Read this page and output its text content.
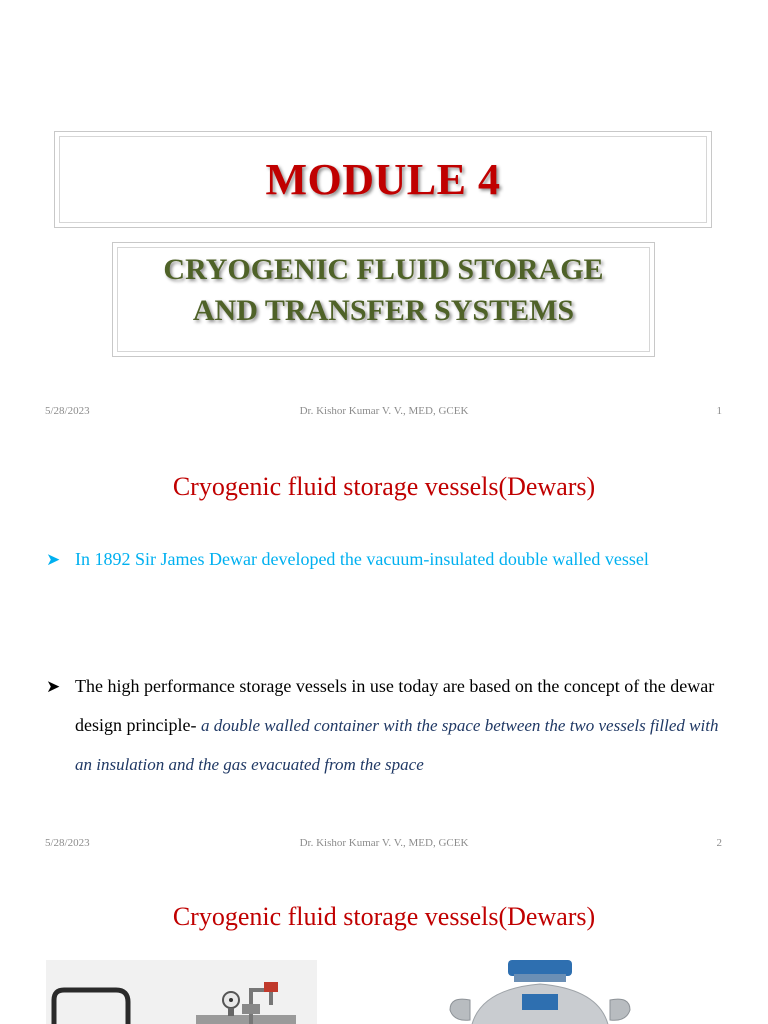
MODULE 4
CRYOGENIC FLUID STORAGE
AND TRANSFER SYSTEMS
5/28/2023	Dr. Kishor Kumar V. V., MED, GCEK	1
Cryogenic fluid storage vessels(Dewars)
➤ In 1892 Sir James Dewar developed the vacuum-insulated double walled vessel
➤ The high performance storage vessels in use today are based on the concept of the dewar design principle- a double walled container with the space between the two vessels filled with an insulation and the gas evacuated from the space
5/28/2023	Dr. Kishor Kumar V. V., MED, GCEK	2
Cryogenic fluid storage vessels(Dewars)
